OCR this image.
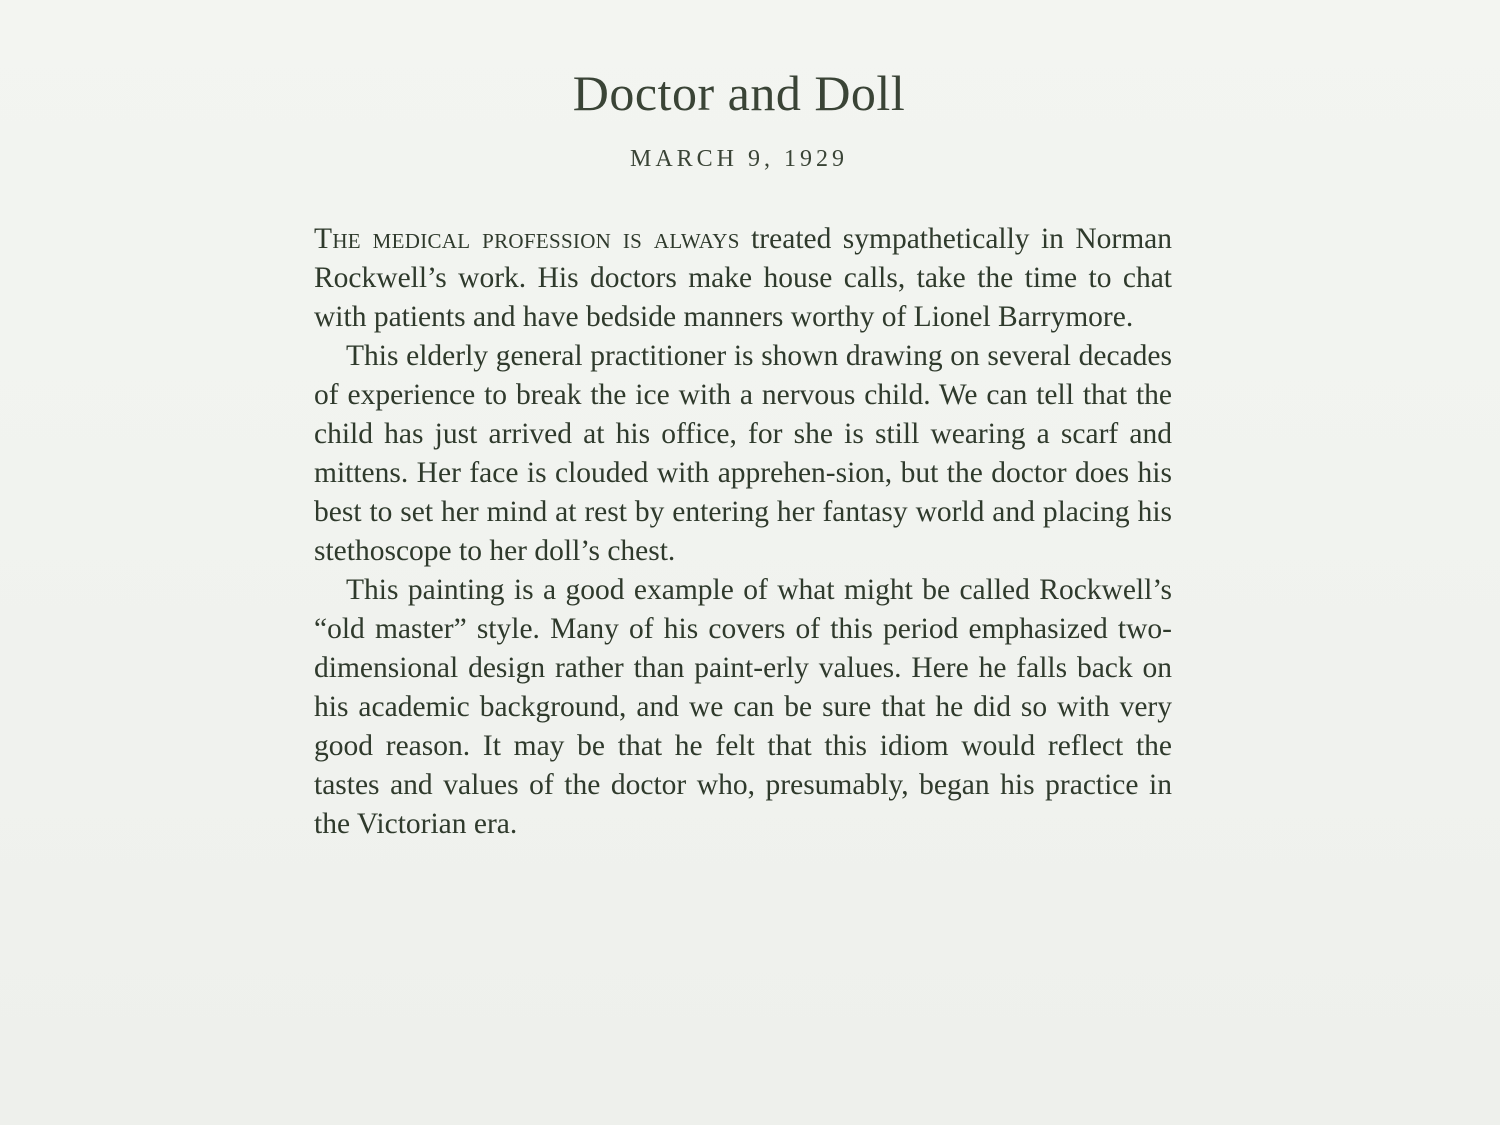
Doctor and Doll
MARCH 9, 1929

The medical profession is always treated sympathetically in Norman Rockwell’s work. His doctors make house calls, take the time to chat with patients and have bedside manners worthy of Lionel Barrymore.

This elderly general practitioner is shown drawing on several decades of experience to break the ice with a nervous child. We can tell that the child has just arrived at his office, for she is still wearing a scarf and mittens. Her face is clouded with apprehen-sion, but the doctor does his best to set her mind at rest by entering her fantasy world and placing his stethoscope to her doll’s chest.

This painting is a good example of what might be called Rockwell’s “old master” style. Many of his covers of this period emphasized two-dimensional design rather than paint-erly values. Here he falls back on his academic background, and we can be sure that he did so with very good reason. It may be that he felt that this idiom would reflect the tastes and values of the doctor who, presumably, began his practice in the Victorian era.
